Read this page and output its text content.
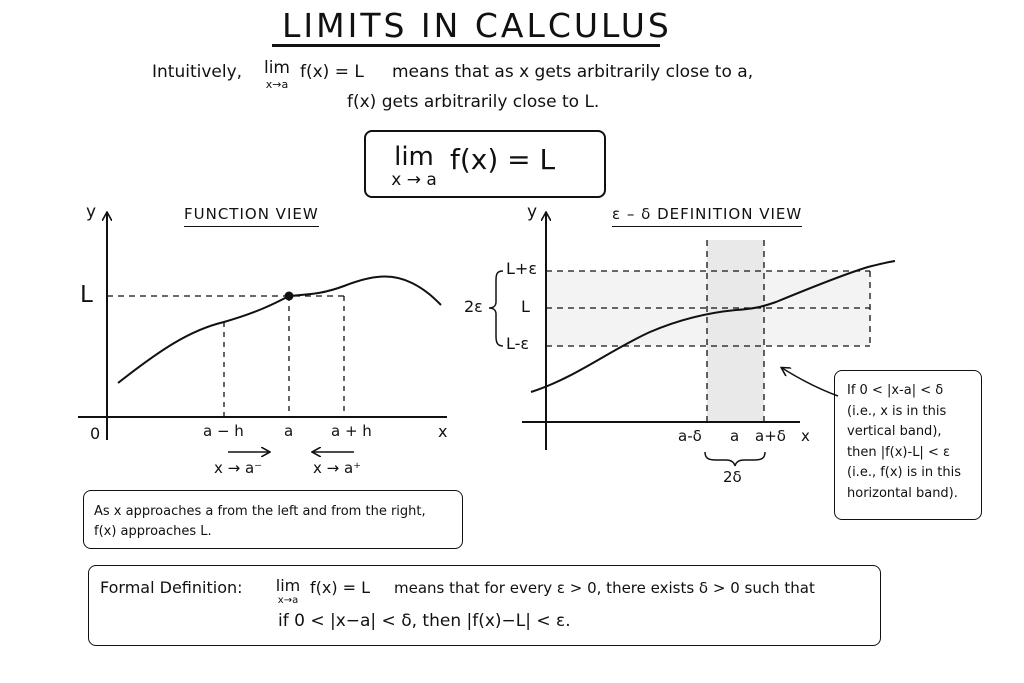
LIMITS IN CALCULUS
Intuitively, lim
x→a
f(x) = L means that as x gets arbitrarily close to a,
f(x) gets arbitrarily close to L.
lim
x → a
f(x) = L
FUNCTION VIEW	ε – δ DEFINITION VIEW
y
L
0	x
a − h	a	a + h
x → a⁻	x → a⁺
y
L+ε
L
L-ε
2ε
a-δ a a+δ x
2δ
If 0 < |x-a| < δ
(i.e., x is in this
vertical band),
then |f(x)-L| < ε
(i.e., f(x) is in this
horizontal band).
As x approaches a from the left and from the right,
f(x) approaches L.
Formal Definition: lim
x→a
f(x) = L means that for every ε > 0, there exists δ > 0 such that
if 0 < |x−a| < δ, then |f(x)−L| < ε.
